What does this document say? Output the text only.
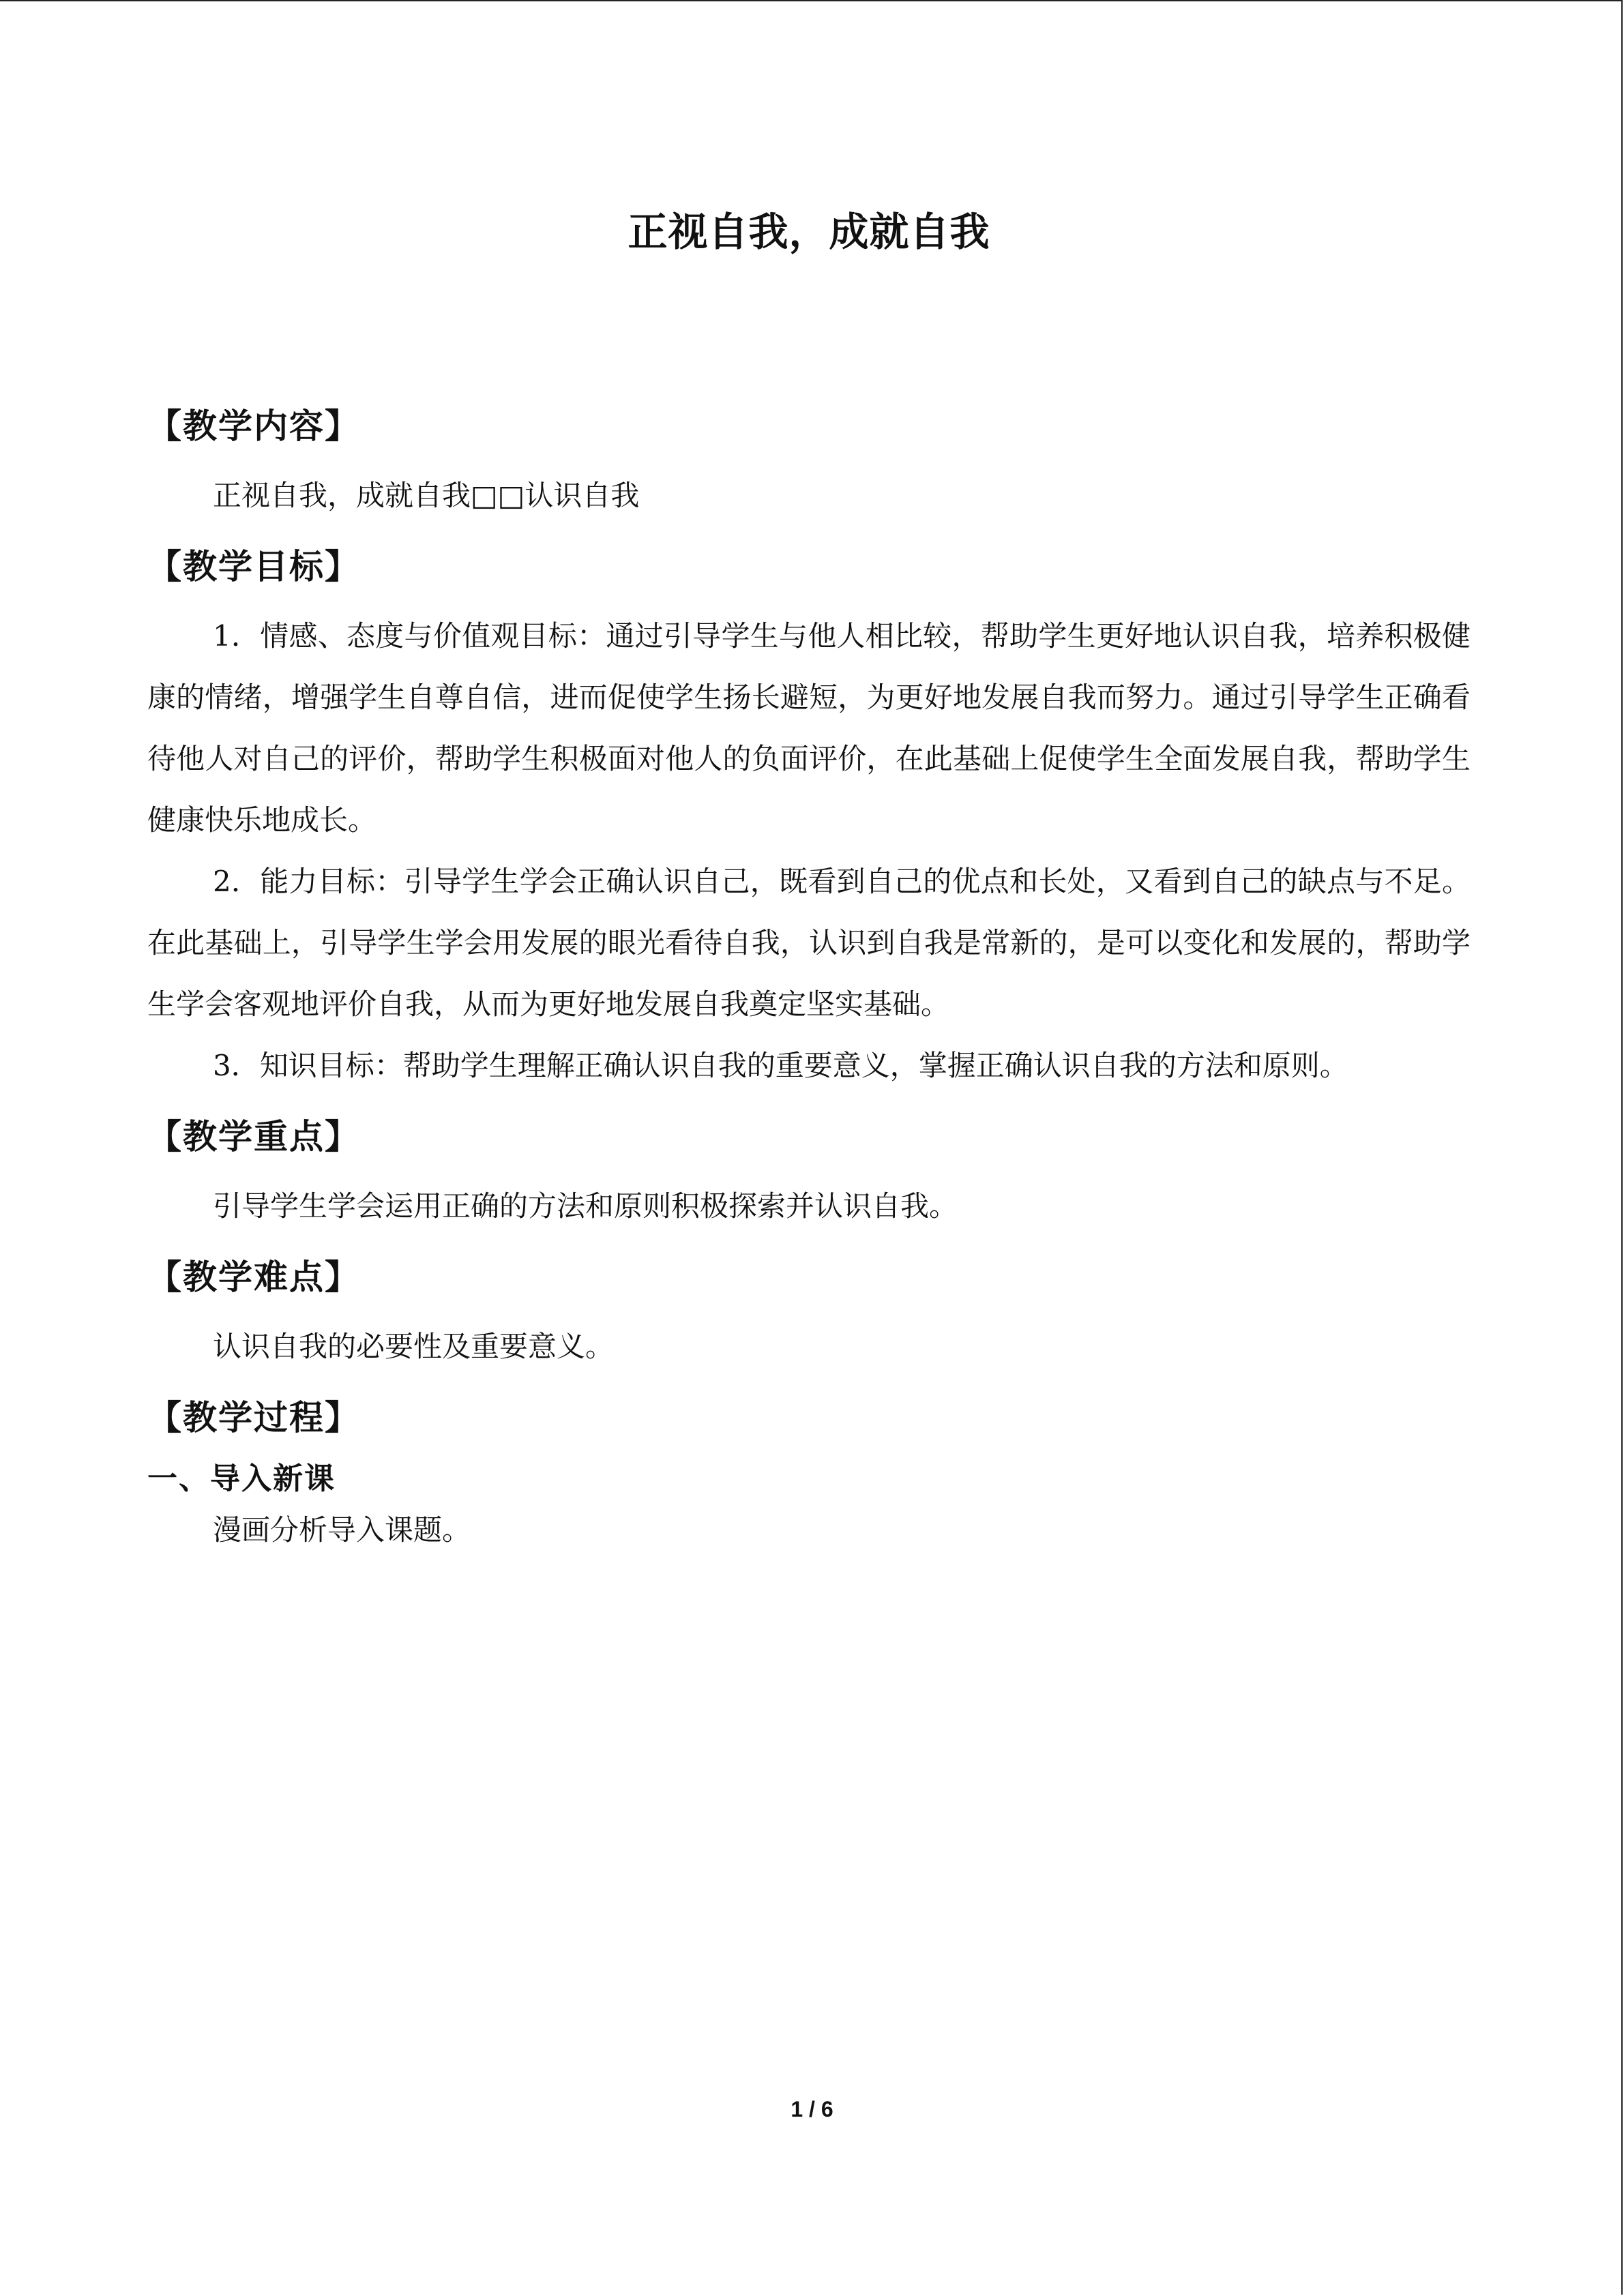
正视自我，成就自我
【教学内容】

正视自我，成就自我□□认识自我

【教学目标】

1．情感、态度与价值观目标：通过引导学生与他人相比较，帮助学生更好地认识自我，培养积极健康的情绪，增强学生自尊自信，进而促使学生扬长避短，为更好地发展自我而努力。通过引导学生正确看待他人对自己的评价，帮助学生积极面对他人的负面评价，在此基础上促使学生全面发展自我，帮助学生健康快乐地成长。

2．能力目标：引导学生学会正确认识自己，既看到自己的优点和长处，又看到自己的缺点与不足。在此基础上，引导学生学会用发展的眼光看待自我，认识到自我是常新的，是可以变化和发展的，帮助学生学会客观地评价自我，从而为更好地发展自我奠定坚实基础。

3．知识目标：帮助学生理解正确认识自我的重要意义，掌握正确认识自我的方法和原则。

【教学重点】

引导学生学会运用正确的方法和原则积极探索并认识自我。

【教学难点】

认识自我的必要性及重要意义。

【教学过程】
一、导入新课

漫画分析导入课题。

1 / 6
